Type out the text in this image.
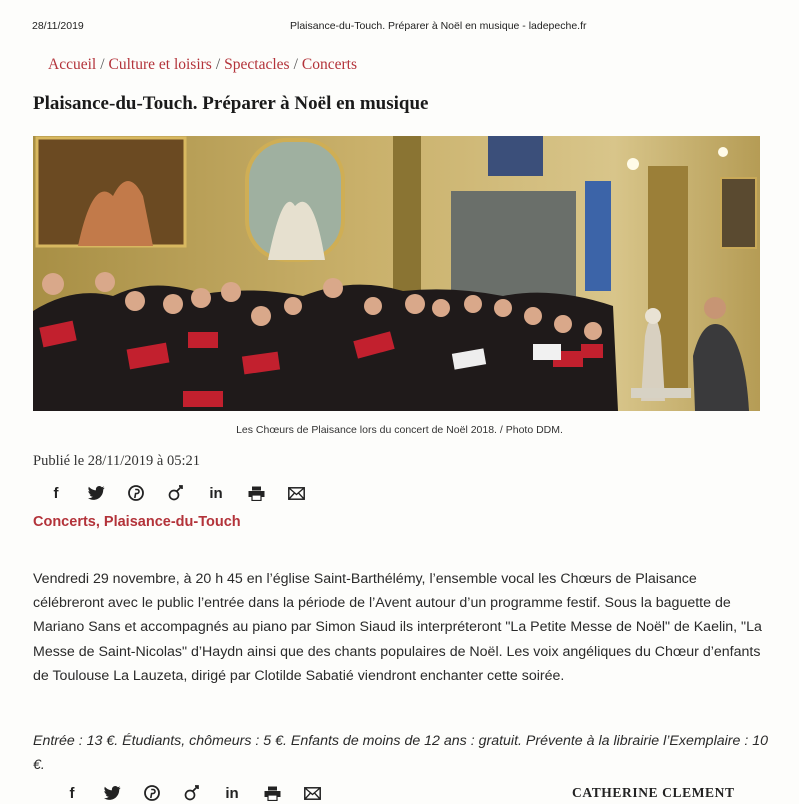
28/11/2019	Plaisance-du-Touch. Préparer à Noël en musique - ladepeche.fr
Accueil / Culture et loisirs / Spectacles / Concerts
Plaisance-du-Touch. Préparer à Noël en musique
Les Chœurs de Plaisance lors du concert de Noël 2018. / Photo DDM.
Publié le 28/11/2019 à 05:21
f	in
Concerts, Plaisance-du-Touch

Vendredi 29 novembre, à 20 h 45 en l’église Saint-Barthélémy, l’ensemble vocal les Chœurs de Plaisance célébreront avec le public l’entrée dans la période de l’Avent autour d’un programme festif. Sous la baguette de Mariano Sans et accompagnés au piano par Simon Siaud ils interpréteront "La Petite Messe de Noël" de Kaelin, "La Messe de Saint-Nicolas" d’Haydn ainsi que des chants populaires de Noël. Les voix angéliques du Chœur d’enfants de Toulouse La Lauzeta, dirigé par Clotilde Sabatié viendront enchanter cette soirée.

Entrée : 13 €. Étudiants, chômeurs : 5 €. Enfants de moins de 12 ans : gratuit. Prévente à la librairie l’Exemplaire : 10 €.

f	in	CATHERINE CLEMENT
